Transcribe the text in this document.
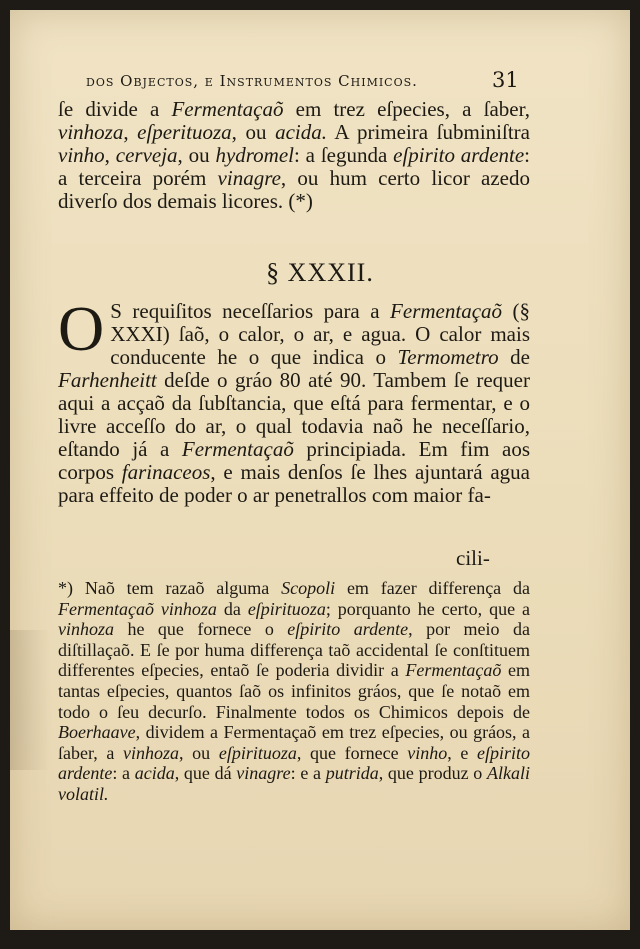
dos Objectos, e Instrumentos Chimicos.	31
ſe divide a Fermentaçaõ em trez eſpecies, a ſaber, vinhoza, eſperituoza, ou acida. A primeira ſubminiſtra vinho, cerveja, ou hydromel: a ſegunda eſpirito ardente: a terceira porém vinagre, ou hum certo licor azedo diverſo dos demais licores. (*)
§ XXXII.
O S requiſitos neceſſarios para a Fermentaçaõ (§ XXXI) ſaõ, o calor, o ar, e agua. O calor mais conducente he o que indica o Termometro de Farhenheitt deſde o gráo 80 até 90. Tambem ſe requer aqui a acçaõ da ſubſtancia, que eſtá para fermentar, e o livre acceſſo do ar, o qual todavia naõ he neceſſario, eſtando já a Fermentaçaõ principiada. Em fim aos corpos farinaceos, e mais denſos ſe lhes ajuntará agua para effeito de poder o ar penetrallos com maior fa-
cili-
*) Naõ tem razaõ alguma Scopoli em fazer differença da Fermentaçaõ vinhoza da eſpirituoza; porquanto he certo, que a vinhoza he que fornece o eſpirito ardente, por meio da diſtillaçaõ. E ſe por huma differença taõ accidental ſe conſtituem differentes eſpecies, entaõ ſe poderia dividir a Fermentaçaõ em tantas eſpecies, quantos ſaõ os infinitos gráos, que ſe notaõ em todo o ſeu decurſo. Finalmente todos os Chimicos depois de Boerhaave, dividem a Fermentaçaõ em trez eſpecies, ou gráos, a ſaber, a vinhoza, ou eſpirituoza, que fornece vinho, e eſpirito ardente: a acida, que dá vinagre: e a putrida, que produz o Alkali volatil.
